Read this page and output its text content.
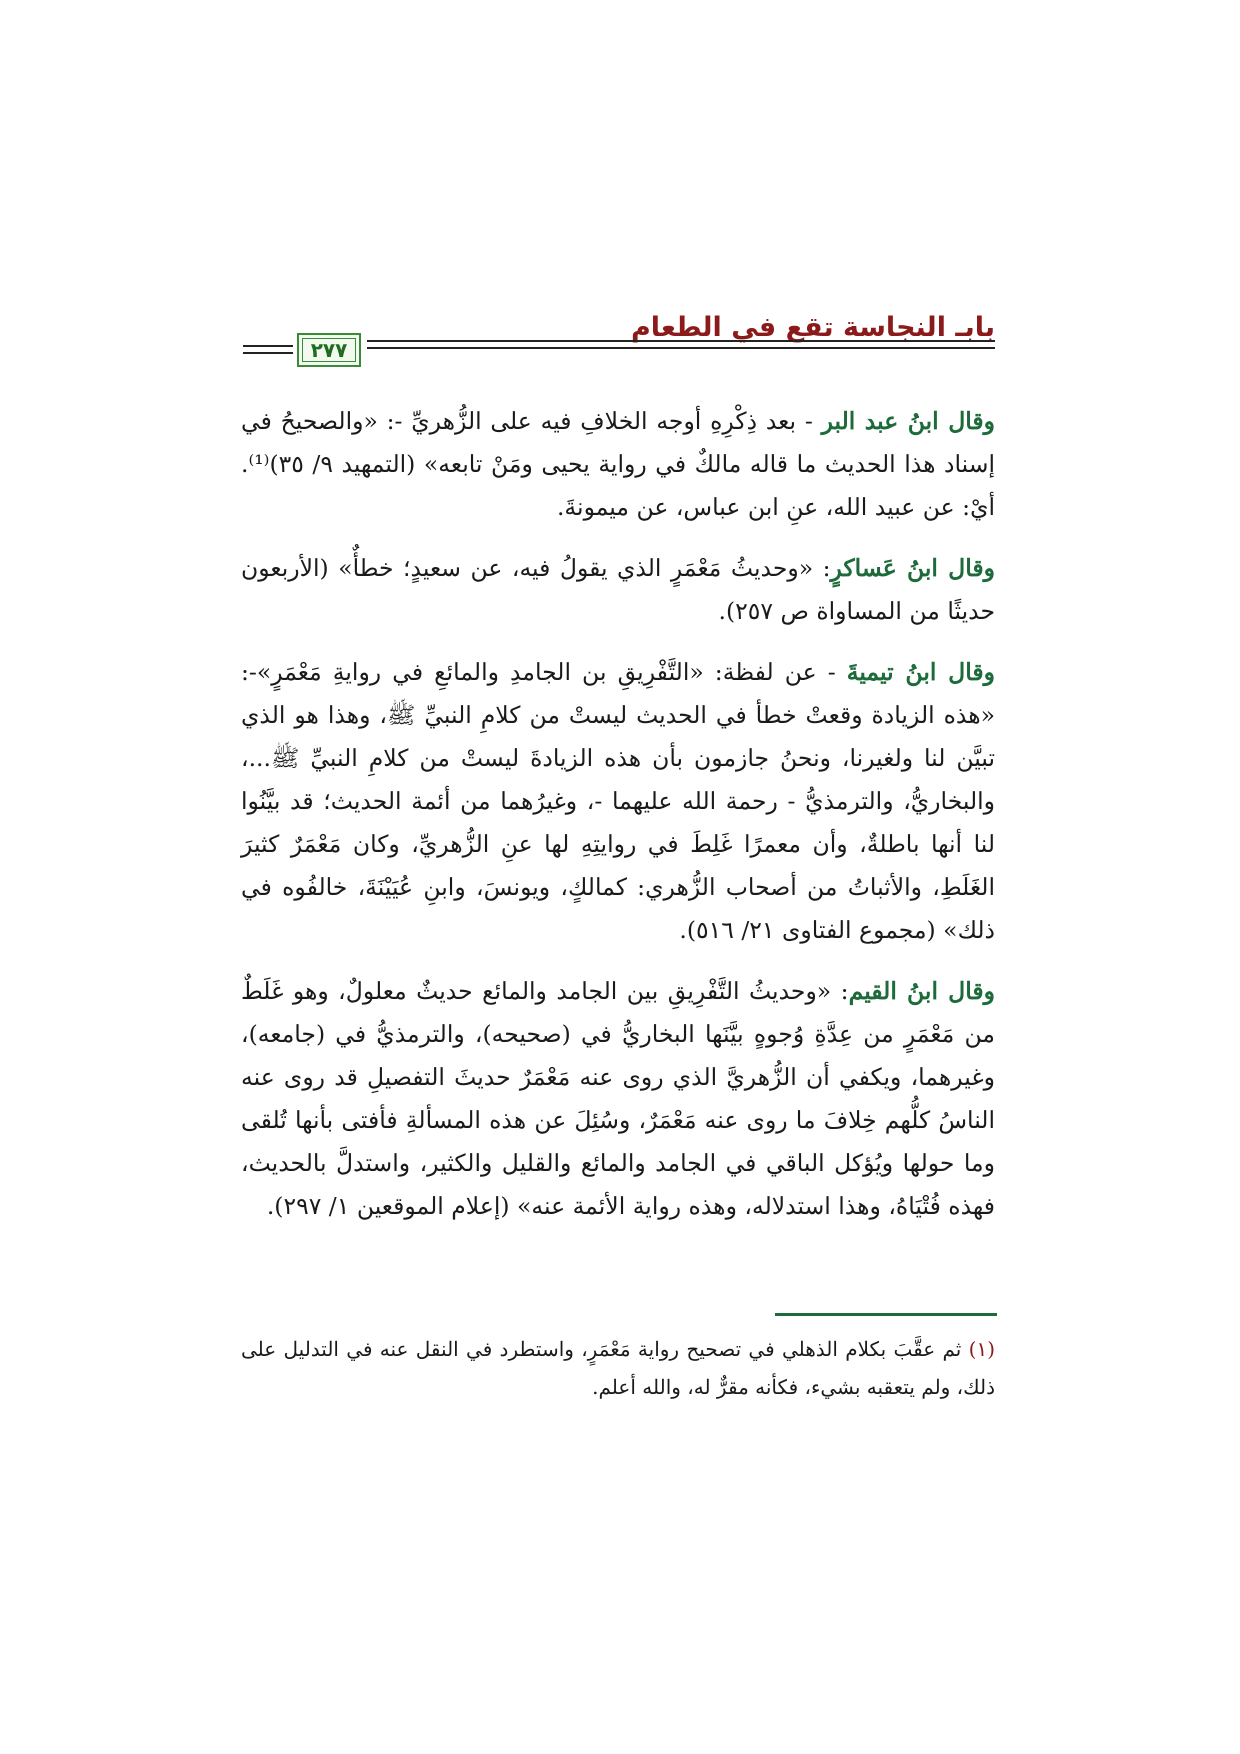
بابـ النجاسة تقع في الطعام
٢٧٧

وقال ابنُ عبد البر - بعد ذِكْرِهِ أوجه الخلافِ فيه على الزُّهريِّ -: «والصحيحُ في إسناد هذا الحديث ما قاله مالكٌ في رواية يحيى ومَنْ تابعه» (التمهيد ٩/ ٣٥)⁽¹⁾. أيْ: عن عبيد الله، عنِ ابن عباس، عن ميمونةَ.

وقال ابنُ عَساكرٍ: «وحديثُ مَعْمَرٍ الذي يقولُ فيه، عن سعيدٍ؛ خطأٌ» (الأربعون حديثًا من المساواة ص ٢٥٧).

وقال ابنُ تيميةَ - عن لفظة: «التَّفْرِيقِ بن الجامدِ والمائعِ في روايةِ مَعْمَرٍ»-: «هذه الزيادة وقعتْ خطأ في الحديث ليستْ من كلامِ النبيِّ ﷺ، وهذا هو الذي تبيَّن لنا ولغيرنا، ونحنُ جازمون بأن هذه الزيادةَ ليستْ من كلامِ النبيِّ ﷺ...، والبخاريُّ، والترمذيُّ - رحمة الله عليهما -، وغيرُهما من أئمة الحديث؛ قد بيَّنُوا لنا أنها باطلةٌ، وأن معمرًا غَلِطَ في روايتِهِ لها عنِ الزُّهريِّ، وكان مَعْمَرٌ كثيرَ الغَلَطِ، والأثباتُ من أصحاب الزُّهري: كمالكٍ، ويونسَ، وابنِ عُيَيْنَةَ، خالفُوه في ذلك» (مجموع الفتاوى ٢١/ ٥١٦).

وقال ابنُ القيم: «وحديثُ التَّفْرِيقِ بين الجامد والمائع حديثٌ معلولٌ، وهو غَلَطٌ من مَعْمَرٍ من عِدَّةِ وُجوهٍ بيَّنَها البخاريُّ في (صحيحه)، والترمذيُّ في (جامعه)، وغيرهما، ويكفي أن الزُّهريَّ الذي روى عنه مَعْمَرٌ حديثَ التفصيلِ قد روى عنه الناسُ كلُّهم خِلافَ ما روى عنه مَعْمَرٌ، وسُئِلَ عن هذه المسألةِ فأفتى بأنها تُلقى وما حولها ويُؤكل الباقي في الجامد والمائع والقليل والكثير، واستدلَّ بالحديث، فهذه فُتْيَاهُ، وهذا استدلاله، وهذه رواية الأئمة عنه» (إعلام الموقعين ١/ ٢٩٧).

(١) ثم عقَّبَ بكلام الذهلي في تصحيح رواية مَعْمَرٍ، واستطرد في النقل عنه في التدليل على ذلك، ولم يتعقبه بشيء، فكأنه مقرٌّ له، والله أعلم.
